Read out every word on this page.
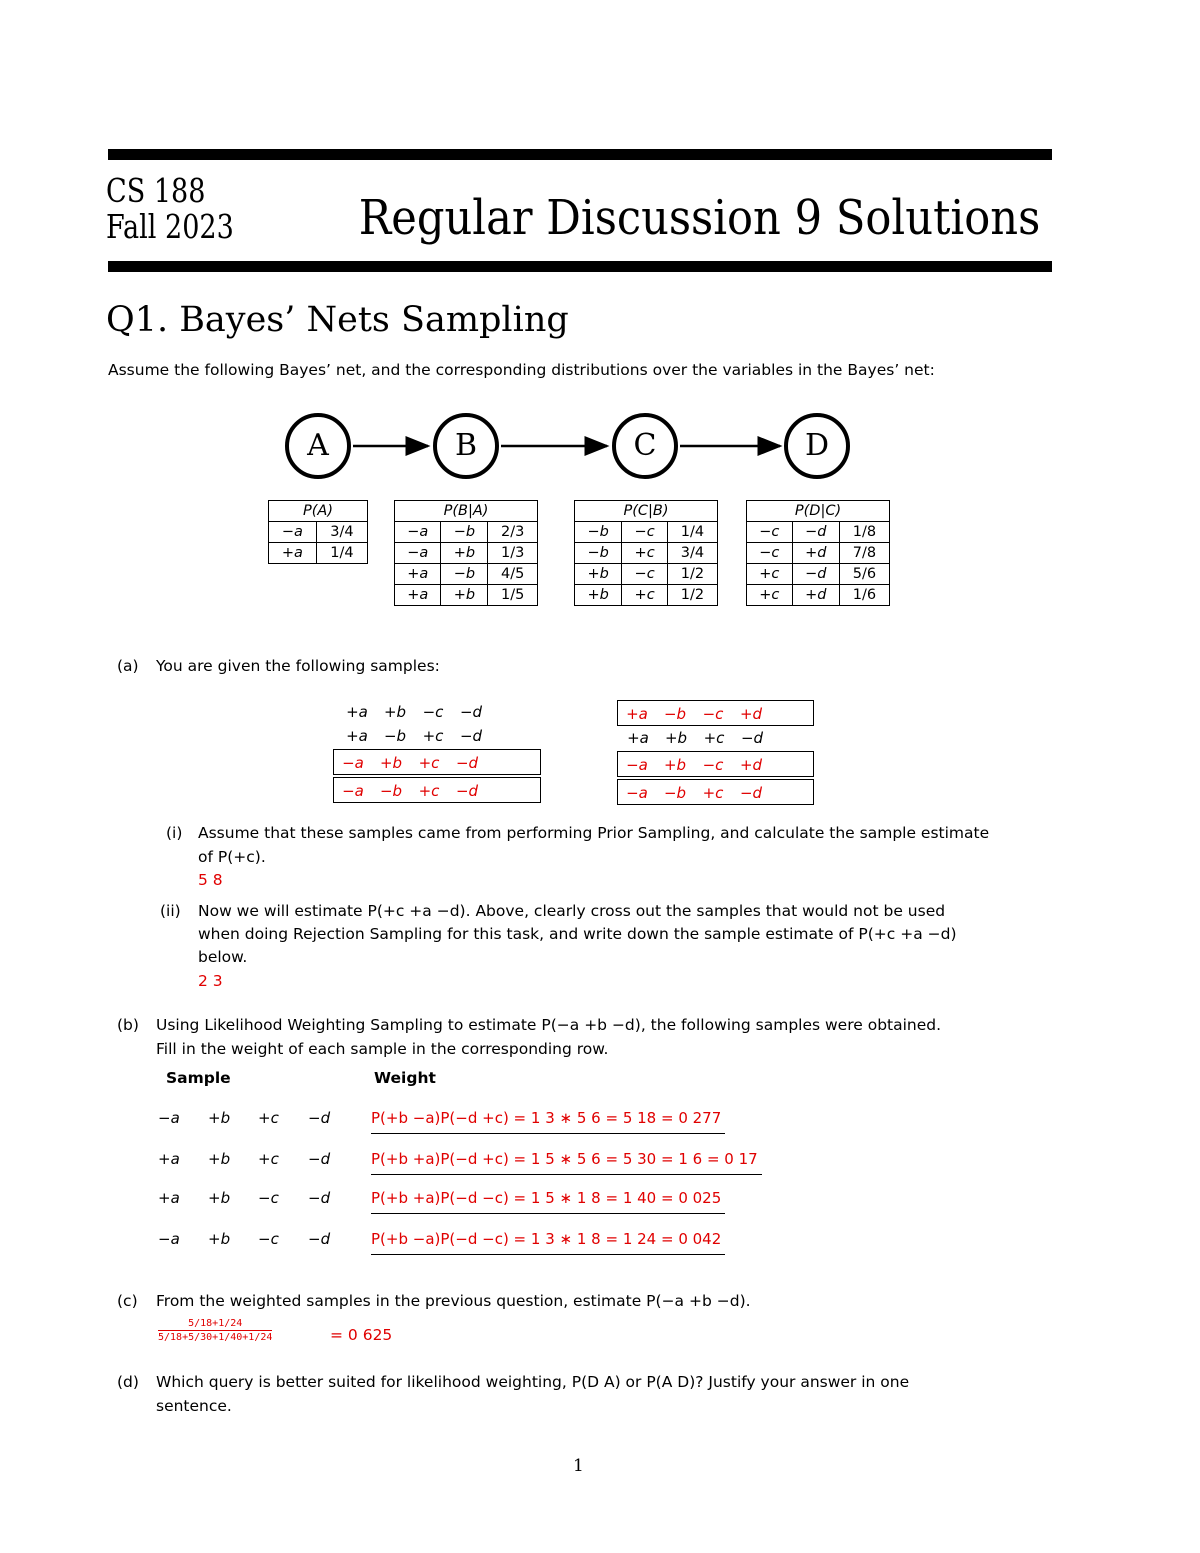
CS 188
Fall 2023	Regular Discussion 9 Solutions
Q1. Bayes’ Nets Sampling
Assume the following Bayes’ net, and the corresponding distributions over the variables in the Bayes’ net:
A	B	C	D
P(A)	
−a	3/4
+a	1/4
P(B|A)		
−a	−b	2/3
−a	+b	1/3
+a	−b	4/5
+a	+b	1/5
P(C|B)		
−b	−c	1/4
−b	+c	3/4
+b	−c	1/2
+b	+c	1/2
P(D|C)		
−c	−d	1/8
−c	+d	7/8
+c	−d	5/6
+c	+d	1/6
(a) You are given the following samples:
+a +b −c −d
+a −b +c −d
−a +b +c −d
−a −b +c −d
+a −b −c +d
+a +b +c −d
−a +b −c +d
−a −b +c −d
(i) Assume that these samples came from performing Prior Sampling, and calculate the sample estimate
of P(+c).
5 8
(ii) Now we will estimate P(+c +a −d). Above, clearly cross out the samples that would not be used
when doing Rejection Sampling for this task, and write down the sample estimate of P(+c +a −d)
below.
2 3
(b) Using Likelihood Weighting Sampling to estimate P(−a +b −d), the following samples were obtained.
Fill in the weight of each sample in the corresponding row.
Sample	Weight
−a +b +c −d	P(+b −a)P(−d +c) = 1 3 ∗ 5 6 = 5 18 = 0 277
+a +b +c −d	P(+b +a)P(−d +c) = 1 5 ∗ 5 6 = 5 30 = 1 6 = 0 17
+a +b −c −d	P(+b +a)P(−d −c) = 1 5 ∗ 1 8 = 1 40 = 0 025
−a +b −c −d	P(+b −a)P(−d −c) = 1 3 ∗ 1 8 = 1 24 = 0 042
(c) From the weighted samples in the previous question, estimate P(−a +b −d).
$\frac{5/18+1/24}{5/18+5/30+1/40+1/24}$	= 0 625
(d) Which query is better suited for likelihood weighting, P(D A) or P(A D)? Justify your answer in one
sentence.
1
